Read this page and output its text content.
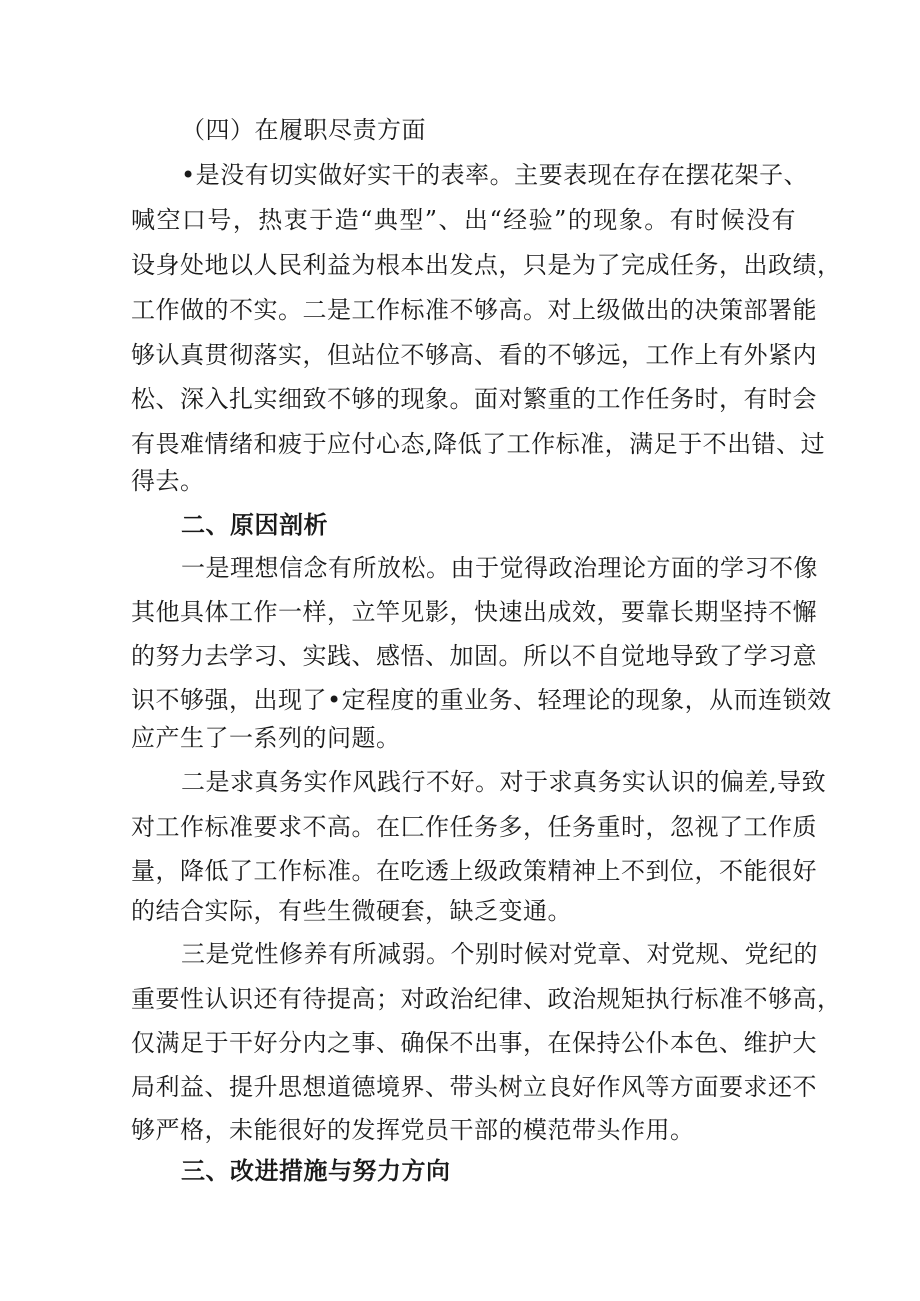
（四）在履职尽责方面
•是没有切实做好实干的表率。主要表现在存在摆花架子、
喊空口号，热衷于造“典型”、出“经验”的现象。有时候没有
设身处地以人民利益为根本出发点，只是为了完成任务，出政绩，
工作做的不实。二是工作标准不够高。对上级做出的决策部署能
够认真贯彻落实，但站位不够高、看的不够远，工作上有外紧内
松、深入扎实细致不够的现象。面对繁重的工作任务时，有时会
有畏难情绪和疲于应付心态,降低了工作标准，满足于不出错、过
得去。
二、原因剖析
一是理想信念有所放松。由于觉得政治理论方面的学习不像
其他具体工作一样，立竿见影，快速出成效，要靠长期坚持不懈
的努力去学习、实践、感悟、加固。所以不自觉地导致了学习意
识不够强，出现了•定程度的重业务、轻理论的现象，从而连锁效
应产生了一系列的问题。
二是求真务实作风践行不好。对于求真务实认识的偏差,导致
对工作标准要求不高。在匚作任务多，任务重时，忽视了工作质
量，降低了工作标准。在吃透上级政策精神上不到位，不能很好
的结合实际，有些生微硬套，缺乏变通。
三是党性修养有所减弱。个别时候对党章、对党规、党纪的
重要性认识还有待提高；对政治纪律、政治规矩执行标准不够高，
仅满足于干好分内之事、确保不出事，在保持公仆本色、维护大
局利益、提升思想道德境界、带头树立良好作风等方面要求还不
够严格，未能很好的发挥党员干部的模范带头作用。
三、改进措施与努力方向
